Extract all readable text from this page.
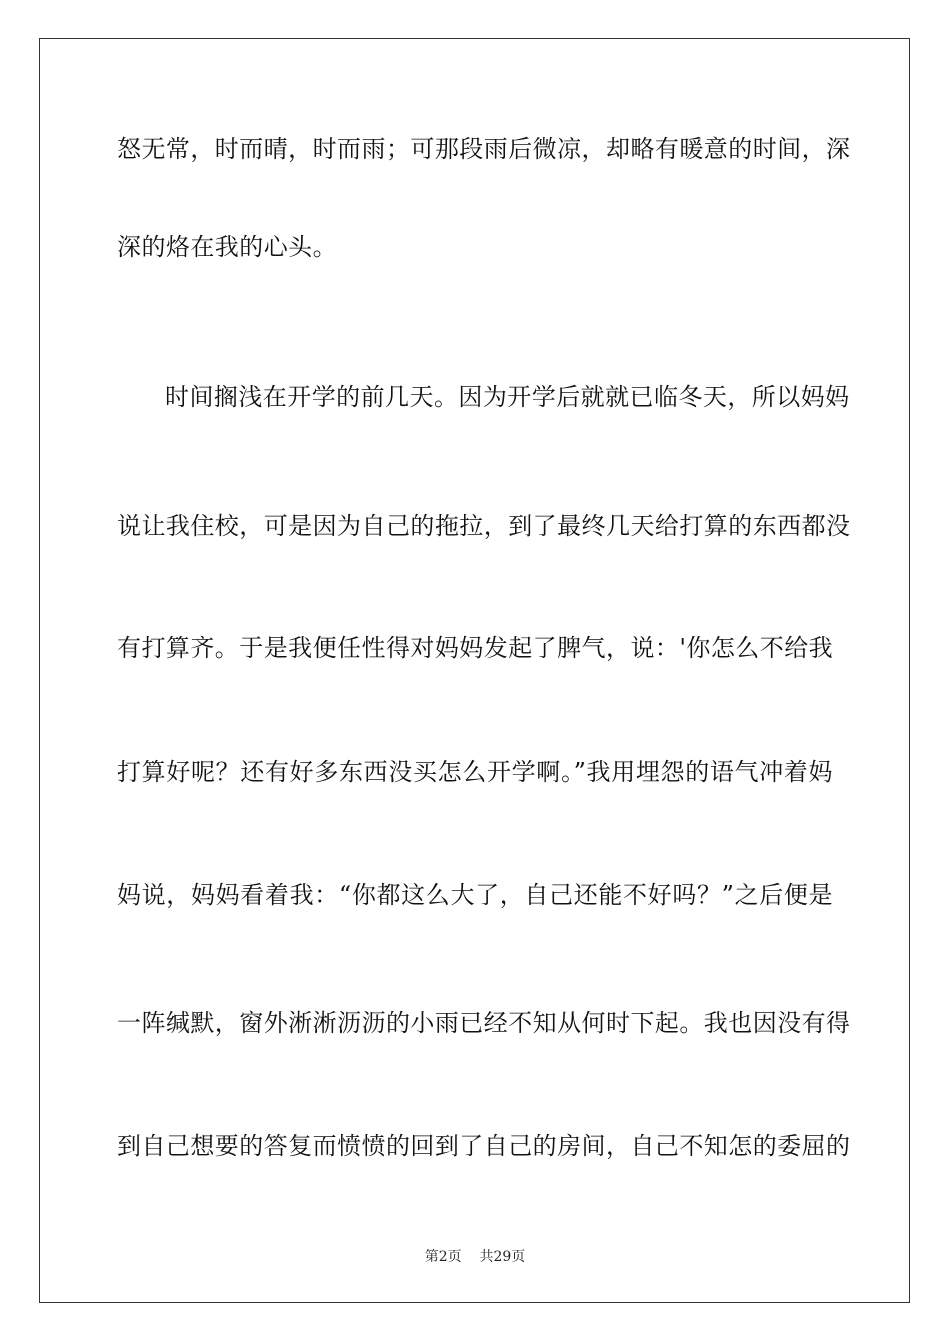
怒无常，时而晴，时而雨；可那段雨后微凉，却略有暖意的时间，深
深的烙在我的心头。
时间搁浅在开学的前几天。因为开学后就就已临冬天，所以妈妈
说让我住校，可是因为自己的拖拉，到了最终几天给打算的东西都没
有打算齐。于是我便任性得对妈妈发起了脾气，说：'你怎么不给我
打算好呢？还有好多东西没买怎么开学啊。”我用埋怨的语气冲着妈
妈说，妈妈看着我：“你都这么大了，自己还能不好吗？”之后便是
一阵缄默，窗外淅淅沥沥的小雨已经不知从何时下起。我也因没有得
到自己想要的答复而愤愤的回到了自己的房间，自己不知怎的委屈的
第2页 共29页
